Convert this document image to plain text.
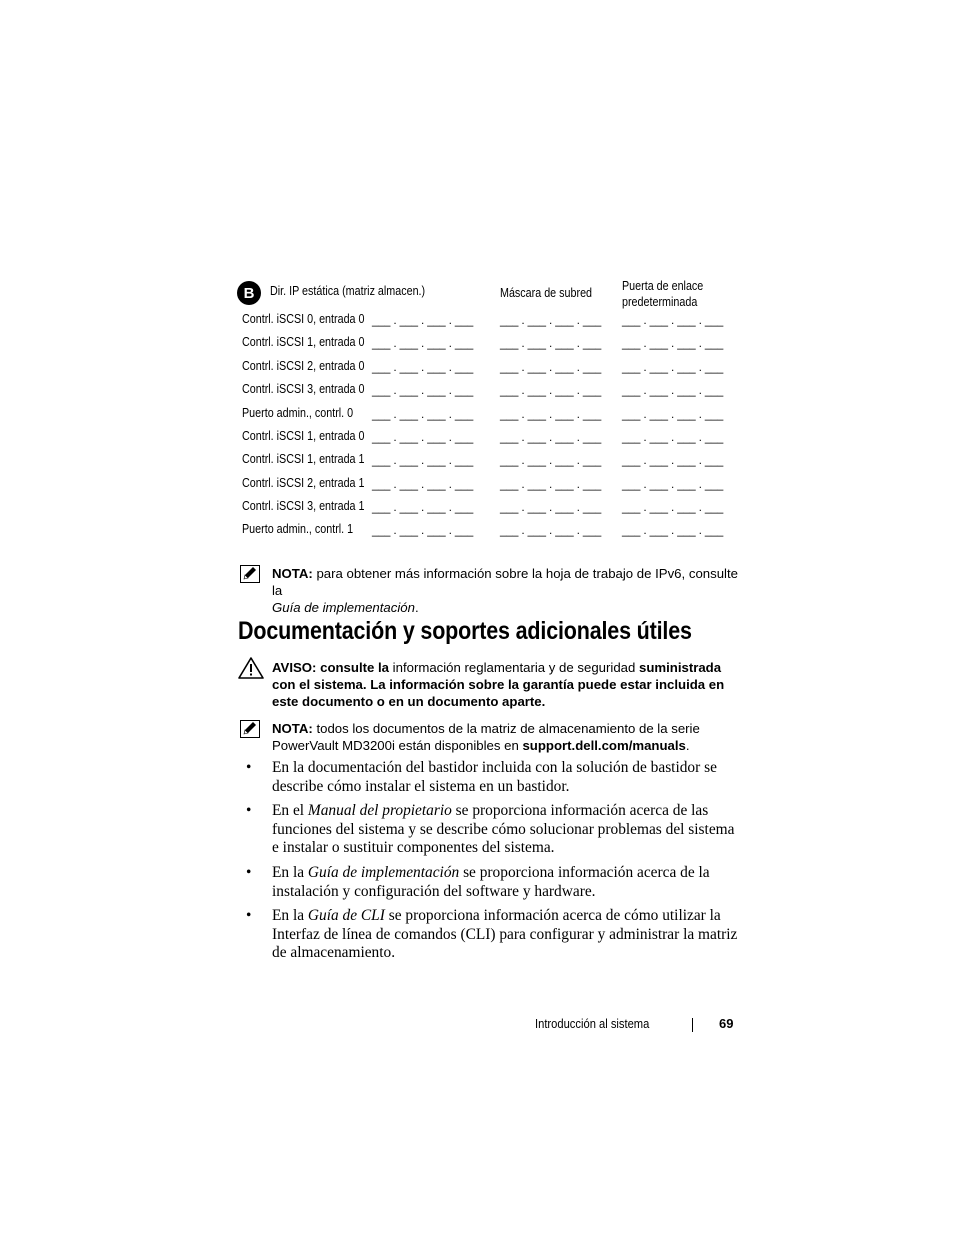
B	Dir. IP estática (matriz almacen.)	Máscara de subred	Puerta de enlace
predeterminada
Contrl. iSCSI 0, entrada 0 ___ . ___ . ___ . ___	___ . ___ . ___ . ___	___ . ___ . ___ . ___
Contrl. iSCSI 1, entrada 0 ___ . ___ . ___ . ___	___ . ___ . ___ . ___	___ . ___ . ___ . ___
Contrl. iSCSI 2, entrada 0 ___ . ___ . ___ . ___	___ . ___ . ___ . ___	___ . ___ . ___ . ___
Contrl. iSCSI 3, entrada 0 ___ . ___ . ___ . ___	___ . ___ . ___ . ___	___ . ___ . ___ . ___
Puerto admin., contrl. 0	___ . ___ . ___ . ___	___ . ___ . ___ . ___	___ . ___ . ___ . ___
Contrl. iSCSI 1, entrada 0 ___ . ___ . ___ . ___	___ . ___ . ___ . ___	___ . ___ . ___ . ___
Contrl. iSCSI 1, entrada 1 ___ . ___ . ___ . ___	___ . ___ . ___ . ___	___ . ___ . ___ . ___
Contrl. iSCSI 2, entrada 1 ___ . ___ . ___ . ___	___ . ___ . ___ . ___	___ . ___ . ___ . ___
Contrl. iSCSI 3, entrada 1 ___ . ___ . ___ . ___	___ . ___ . ___ . ___	___ . ___ . ___ . ___
Puerto admin., contrl. 1	___ . ___ . ___ . ___	___ . ___ . ___ . ___	___ . ___ . ___ . ___
NOTA: para obtener más información sobre la hoja de trabajo de IPv6, consulte la
Guía de implementación.
Documentación y soportes adicionales útiles
AVISO: consulte la información reglamentaria y de seguridad suministrada con el sistema. La información sobre la garantía puede estar incluida en este documento o en un documento aparte.
NOTA: todos los documentos de la matriz de almacenamiento de la serie PowerVault MD3200i están disponibles en support.dell.com/manuals.
• En la documentación del bastidor incluida con la solución de bastidor se describe cómo instalar el sistema en un bastidor.
• En el Manual del propietario se proporciona información acerca de las funciones del sistema y se describe cómo solucionar problemas del sistema e instalar o sustituir componentes del sistema.
• En la Guía de implementación se proporciona información acerca de la instalación y configuración del software y hardware.
• En la Guía de CLI se proporciona información acerca de cómo utilizar la Interfaz de línea de comandos (CLI) para configurar y administrar la matriz de almacenamiento.
Introducción al sistema	69
